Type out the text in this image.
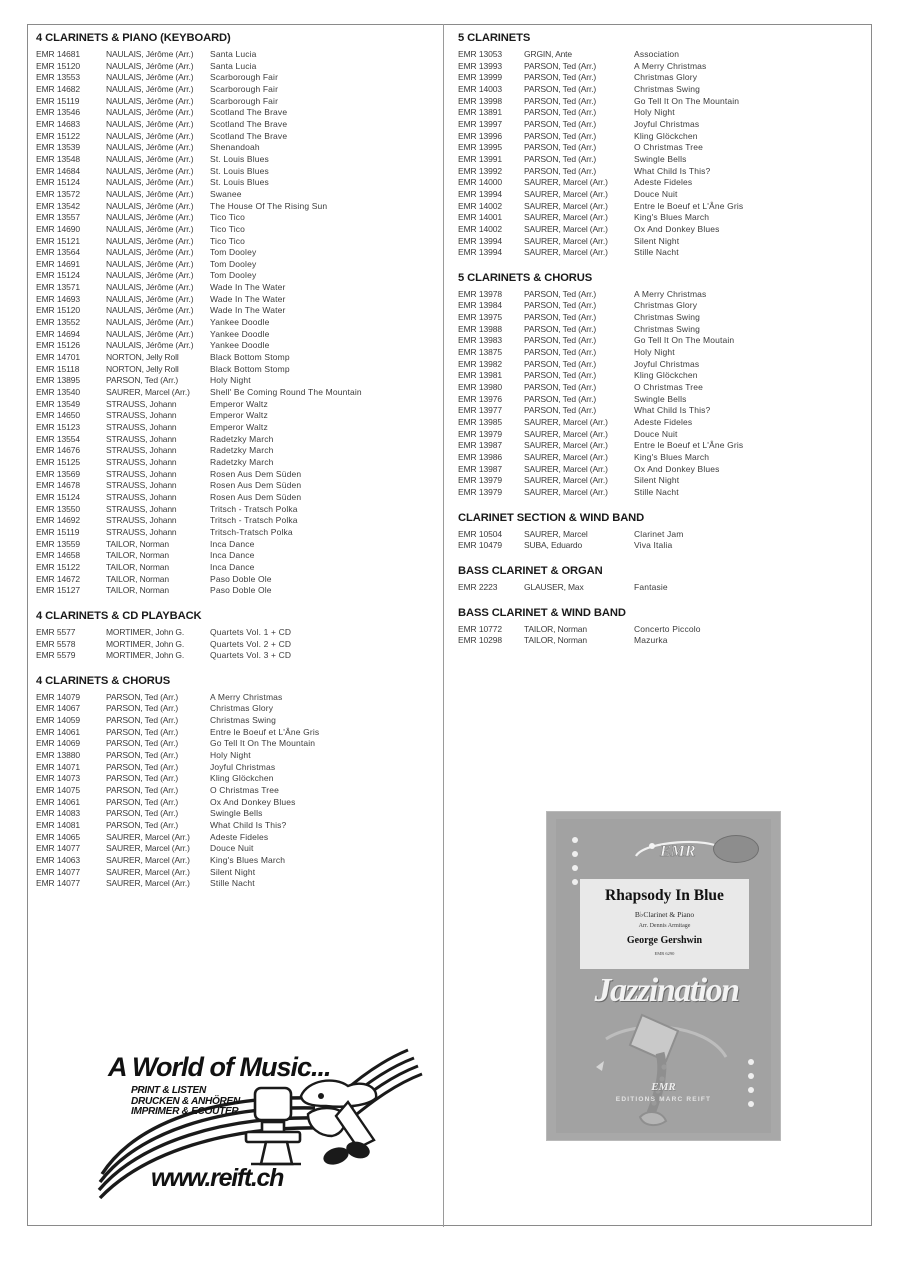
4 CLARINETS & PIANO (KEYBOARD)
EMR 14681	NAULAIS, Jérôme (Arr.)	Santa Lucia
EMR 15120	NAULAIS, Jérôme (Arr.)	Santa Lucia
EMR 13553	NAULAIS, Jérôme (Arr.)	Scarborough Fair
EMR 14682	NAULAIS, Jérôme (Arr.)	Scarborough Fair
EMR 15119	NAULAIS, Jérôme (Arr.)	Scarborough Fair
EMR 13546	NAULAIS, Jérôme (Arr.)	Scotland The Brave
EMR 14683	NAULAIS, Jérôme (Arr.)	Scotland The Brave
EMR 15122	NAULAIS, Jérôme (Arr.)	Scotland The Brave
EMR 13539	NAULAIS, Jérôme (Arr.)	Shenandoah
EMR 13548	NAULAIS, Jérôme (Arr.)	St. Louis Blues
EMR 14684	NAULAIS, Jérôme (Arr.)	St. Louis Blues
EMR 15124	NAULAIS, Jérôme (Arr.)	St. Louis Blues
EMR 13572	NAULAIS, Jérôme (Arr.)	Swanee
EMR 13542	NAULAIS, Jérôme (Arr.)	The House Of The Rising Sun
EMR 13557	NAULAIS, Jérôme (Arr.)	Tico Tico
EMR 14690	NAULAIS, Jérôme (Arr.)	Tico Tico
EMR 15121	NAULAIS, Jérôme (Arr.)	Tico Tico
EMR 13564	NAULAIS, Jérôme (Arr.)	Tom Dooley
EMR 14691	NAULAIS, Jérôme (Arr.)	Tom Dooley
EMR 15124	NAULAIS, Jérôme (Arr.)	Tom Dooley
EMR 13571	NAULAIS, Jérôme (Arr.)	Wade In The Water
EMR 14693	NAULAIS, Jérôme (Arr.)	Wade In The Water
EMR 15120	NAULAIS, Jérôme (Arr.)	Wade In The Water
EMR 13552	NAULAIS, Jérôme (Arr.)	Yankee Doodle
EMR 14694	NAULAIS, Jérôme (Arr.)	Yankee Doodle
EMR 15126	NAULAIS, Jérôme (Arr.)	Yankee Doodle
EMR 14701	NORTON, Jelly Roll	Black Bottom Stomp
EMR 15118	NORTON, Jelly Roll	Black Bottom Stomp
EMR 13895	PARSON, Ted (Arr.)	Holy Night
EMR 13540	SAURER, Marcel (Arr.)	Shell' Be Coming Round The Mountain
EMR 13549	STRAUSS, Johann	Emperor Waltz
EMR 14650	STRAUSS, Johann	Emperor Waltz
EMR 15123	STRAUSS, Johann	Emperor Waltz
EMR 13554	STRAUSS, Johann	Radetzky March
EMR 14676	STRAUSS, Johann	Radetzky March
EMR 15125	STRAUSS, Johann	Radetzky March
EMR 13569	STRAUSS, Johann	Rosen Aus Dem Süden
EMR 14678	STRAUSS, Johann	Rosen Aus Dem Süden
EMR 15124	STRAUSS, Johann	Rosen Aus Dem Süden
EMR 13550	STRAUSS, Johann	Tritsch - Tratsch Polka
EMR 14692	STRAUSS, Johann	Tritsch - Tratsch Polka
EMR 15119	STRAUSS, Johann	Tritsch-Tratsch Polka
EMR 13559	TAILOR, Norman	Inca Dance
EMR 14658	TAILOR, Norman	Inca Dance
EMR 15122	TAILOR, Norman	Inca Dance
EMR 14672	TAILOR, Norman	Paso Doble Ole
EMR 15127	TAILOR, Norman	Paso Doble Ole
4 CLARINETS & CD PLAYBACK
EMR 5577	MORTIMER, John G.	Quartets Vol. 1 + CD
EMR 5578	MORTIMER, John G.	Quartets Vol. 2 + CD
EMR 5579	MORTIMER, John G.	Quartets Vol. 3 + CD
4 CLARINETS & CHORUS
EMR 14079	PARSON, Ted (Arr.)	A Merry Christmas
EMR 14067	PARSON, Ted (Arr.)	Christmas Glory
EMR 14059	PARSON, Ted (Arr.)	Christmas Swing
EMR 14061	PARSON, Ted (Arr.)	Entre le Boeuf et L'Âne Gris
EMR 14069	PARSON, Ted (Arr.)	Go Tell It On The Mountain
EMR 13880	PARSON, Ted (Arr.)	Holy Night
EMR 14071	PARSON, Ted (Arr.)	Joyful Christmas
EMR 14073	PARSON, Ted (Arr.)	Kling Glöckchen
EMR 14075	PARSON, Ted (Arr.)	O Christmas Tree
EMR 14061	PARSON, Ted (Arr.)	Ox And Donkey Blues
EMR 14083	PARSON, Ted (Arr.)	Swingle Bells
EMR 14081	PARSON, Ted (Arr.)	What Child Is This?
EMR 14065	SAURER, Marcel (Arr.)	Adeste Fideles
EMR 14077	SAURER, Marcel (Arr.)	Douce Nuit
EMR 14063	SAURER, Marcel (Arr.)	King's Blues March
EMR 14077	SAURER, Marcel (Arr.)	Silent Night
EMR 14077	SAURER, Marcel (Arr.)	Stille Nacht
5 CLARINETS
EMR 13053	GRGIN, Ante	Association
EMR 13993	PARSON, Ted (Arr.)	A Merry Christmas
EMR 13999	PARSON, Ted (Arr.)	Christmas Glory
EMR 14003	PARSON, Ted (Arr.)	Christmas Swing
EMR 13998	PARSON, Ted (Arr.)	Go Tell It On The Mountain
EMR 13891	PARSON, Ted (Arr.)	Holy Night
EMR 13997	PARSON, Ted (Arr.)	Joyful Christmas
EMR 13996	PARSON, Ted (Arr.)	Kling Glöckchen
EMR 13995	PARSON, Ted (Arr.)	O Christmas Tree
EMR 13991	PARSON, Ted (Arr.)	Swingle Bells
EMR 13992	PARSON, Ted (Arr.)	What Child Is This?
EMR 14000	SAURER, Marcel (Arr.)	Adeste Fideles
EMR 13994	SAURER, Marcel (Arr.)	Douce Nuit
EMR 14002	SAURER, Marcel (Arr.)	Entre le Boeuf et L'Âne Gris
EMR 14001	SAURER, Marcel (Arr.)	King's Blues March
EMR 14002	SAURER, Marcel (Arr.)	Ox And Donkey Blues
EMR 13994	SAURER, Marcel (Arr.)	Silent Night
EMR 13994	SAURER, Marcel (Arr.)	Stille Nacht
5 CLARINETS & CHORUS
EMR 13978	PARSON, Ted (Arr.)	A Merry Christmas
EMR 13984	PARSON, Ted (Arr.)	Christmas Glory
EMR 13975	PARSON, Ted (Arr.)	Christmas Swing
EMR 13988	PARSON, Ted (Arr.)	Christmas Swing
EMR 13983	PARSON, Ted (Arr.)	Go Tell It On The Moutain
EMR 13875	PARSON, Ted (Arr.)	Holy Night
EMR 13982	PARSON, Ted (Arr.)	Joyful Christmas
EMR 13981	PARSON, Ted (Arr.)	Kling Glöckchen
EMR 13980	PARSON, Ted (Arr.)	O Christmas Tree
EMR 13976	PARSON, Ted (Arr.)	Swingle Bells
EMR 13977	PARSON, Ted (Arr.)	What Child Is This?
EMR 13985	SAURER, Marcel (Arr.)	Adeste Fideles
EMR 13979	SAURER, Marcel (Arr.)	Douce Nuit
EMR 13987	SAURER, Marcel (Arr.)	Entre le Boeuf et L'Âne Gris
EMR 13986	SAURER, Marcel (Arr.)	King's Blues March
EMR 13987	SAURER, Marcel (Arr.)	Ox And Donkey Blues
EMR 13979	SAURER, Marcel (Arr.)	Silent Night
EMR 13979	SAURER, Marcel (Arr.)	Stille Nacht
CLARINET SECTION & WIND BAND
EMR 10504	SAURER, Marcel	Clarinet Jam
EMR 10479	SUBA, Eduardo	Viva Italia
BASS CLARINET & ORGAN
EMR 2223	GLAUSER, Max	Fantasie
BASS CLARINET & WIND BAND
EMR 10772	TAILOR, Norman	Concerto Piccolo
EMR 10298	TAILOR, Norman	Mazurka
A World of Music...
PRINT & LISTEN
DRUCKEN & ANHÖREN
IMPRIMER & ECOUTER
www.reift.ch
EMR
Rhapsody In Blue
B♭Clarinet & Piano
Arr. Dennis Armitage
George Gershwin
EMR 6290
Jazzination
EMR
EDITIONS MARC REIFT
